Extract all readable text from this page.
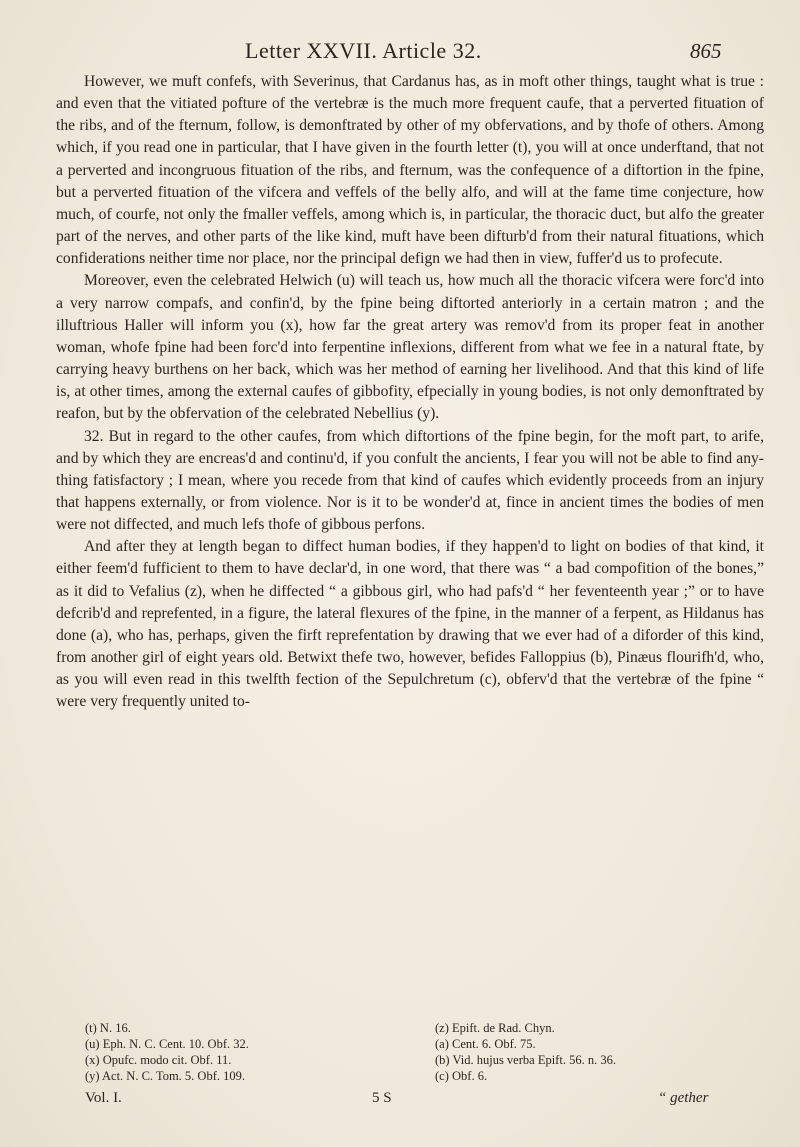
Letter XXVII. Article 32.	865

However, we muft confefs, with Severinus, that Cardanus has, as in moft other things, taught what is true : and even that the vitiated pofture of the vertebræ is the much more frequent caufe, that a perverted fituation of the ribs, and of the fternum, follow, is demonftrated by other of my obfervations, and by thofe of others. Among which, if you read one in particular, that I have given in the fourth letter (t), you will at once underftand, that not a perverted and incongruous fituation of the ribs, and fternum, was the confequence of a diftortion in the fpine, but a perverted fituation of the vifcera and veffels of the belly alfo, and will at the fame time conjecture, how much, of courfe, not only the fmaller veffels, among which is, in particular, the thoracic duct, but alfo the greater part of the nerves, and other parts of the like kind, muft have been difturb'd from their natural fituations, which confiderations neither time nor place, nor the principal defign we had then in view, fuffer'd us to profecute.

Moreover, even the celebrated Helwich (u) will teach us, how much all the thoracic vifcera were forc'd into a very narrow compafs, and confin'd, by the fpine being diftorted anteriorly in a certain matron ; and the illuftrious Haller will inform you (x), how far the great artery was remov'd from its proper feat in another woman, whofe fpine had been forc'd into ferpentine inflexions, different from what we fee in a natural ftate, by carrying heavy burthens on her back, which was her method of earning her livelihood. And that this kind of life is, at other times, among the external caufes of gibbofity, efpecially in young bodies, is not only demonftrated by reafon, but by the obfervation of the celebrated Nebellius (y).

32. But in regard to the other caufes, from which diftortions of the fpine begin, for the moft part, to arife, and by which they are encreas'd and continu'd, if you confult the ancients, I fear you will not be able to find any-thing fatisfactory ; I mean, where you recede from that kind of caufes which evidently proceeds from an injury that happens externally, or from violence. Nor is it to be wonder'd at, fince in ancient times the bodies of men were not diffected, and much lefs thofe of gibbous perfons.

And after they at length began to diffect human bodies, if they happen'd to light on bodies of that kind, it either feem'd fufficient to them to have declar'd, in one word, that there was “ a bad compofition of the bones,” as it did to Vefalius (z), when he diffected “ a gibbous girl, who had pafs'd “ her feventeenth year ;” or to have defcrib'd and reprefented, in a figure, the lateral flexures of the fpine, in the manner of a ferpent, as Hildanus has done (a), who has, perhaps, given the firft reprefentation by drawing that we ever had of a diforder of this kind, from another girl of eight years old. Betwixt thefe two, however, befides Falloppius (b), Pinæus flourifh'd, who, as you will even read in this twelfth fection of the Sepulchretum (c), obferv'd that the vertebræ of the fpine “ were very frequently united to-

(t) N. 16.
(u) Eph. N. C. Cent. 10. Obf. 32.
(x) Opufc. modo cit. Obf. 11.
(y) Act. N. C. Tom. 5. Obf. 109.
(z) Epift. de Rad. Chyn.
(a) Cent. 6. Obf. 75.
(b) Vid. hujus verba Epift. 56. n. 36.
(c) Obf. 6.
Vol. I.	5 S	“ gether
